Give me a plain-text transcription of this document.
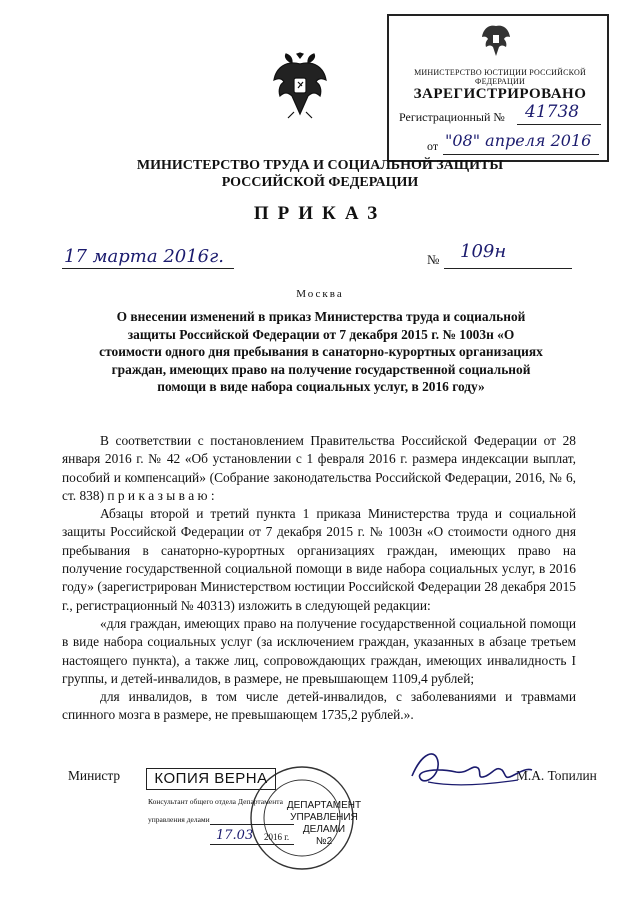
МИНИСТЕРСТВО ЮСТИЦИИ РОССИЙСКОЙ ФЕДЕРАЦИИ
ЗАРЕГИСТРИРОВАНО
Регистрационный № 41738
от "08" апреля 2016
МИНИСТЕРСТВО ТРУДА И СОЦИАЛЬНОЙ ЗАЩИТЫ
РОССИЙСКОЙ ФЕДЕРАЦИИ
ПРИКАЗ
17 марта 2016г.	№ 109н
Москва
О внесении изменений в приказ Министерства труда и социальной защиты Российской Федерации от 7 декабря 2015 г. № 1003н «О стоимости одного дня пребывания в санаторно-курортных организациях граждан, имеющих право на получение государственной социальной помощи в виде набора социальных услуг, в 2016 году»

В соответствии с постановлением Правительства Российской Федерации от 28 января 2016 г. № 42 «Об установлении с 1 февраля 2016 г. размера индексации выплат, пособий и компенсаций» (Собрание законодательства Российской Федерации, 2016, № 6, ст. 838) п р и к а з ы в а ю :

Абзацы второй и третий пункта 1 приказа Министерства труда и социальной защиты Российской Федерации от 7 декабря 2015 г. № 1003н «О стоимости одного дня пребывания в санаторно-курортных организациях граждан, имеющих право на получение государственной социальной помощи в виде набора социальных услуг, в 2016 году» (зарегистрирован Министерством юстиции Российской Федерации 28 декабря 2015 г., регистрационный № 40313) изложить в следующей редакции:

«для граждан, имеющих право на получение государственной социальной помощи в виде набора социальных услуг (за исключением граждан, указанных в абзаце третьем настоящего пункта), а также лиц, сопровождающих граждан, имеющих инвалидность I группы, и детей-инвалидов, в размере, не превышающем 1109,4 рублей;

для инвалидов, в том числе детей-инвалидов, с заболеваниями и травмами спинного мозга в размере, не превышающем 1735,2 рублей.».

Министр	М.А. Топилин
ДЕПАРТАМЕНТ
УПРАВЛЕНИЯ
ДЕЛАМИ
№2
КОПИЯ ВЕРНА
Консультант общего отдела Департамента
управления делами
17.03 2016 г.
